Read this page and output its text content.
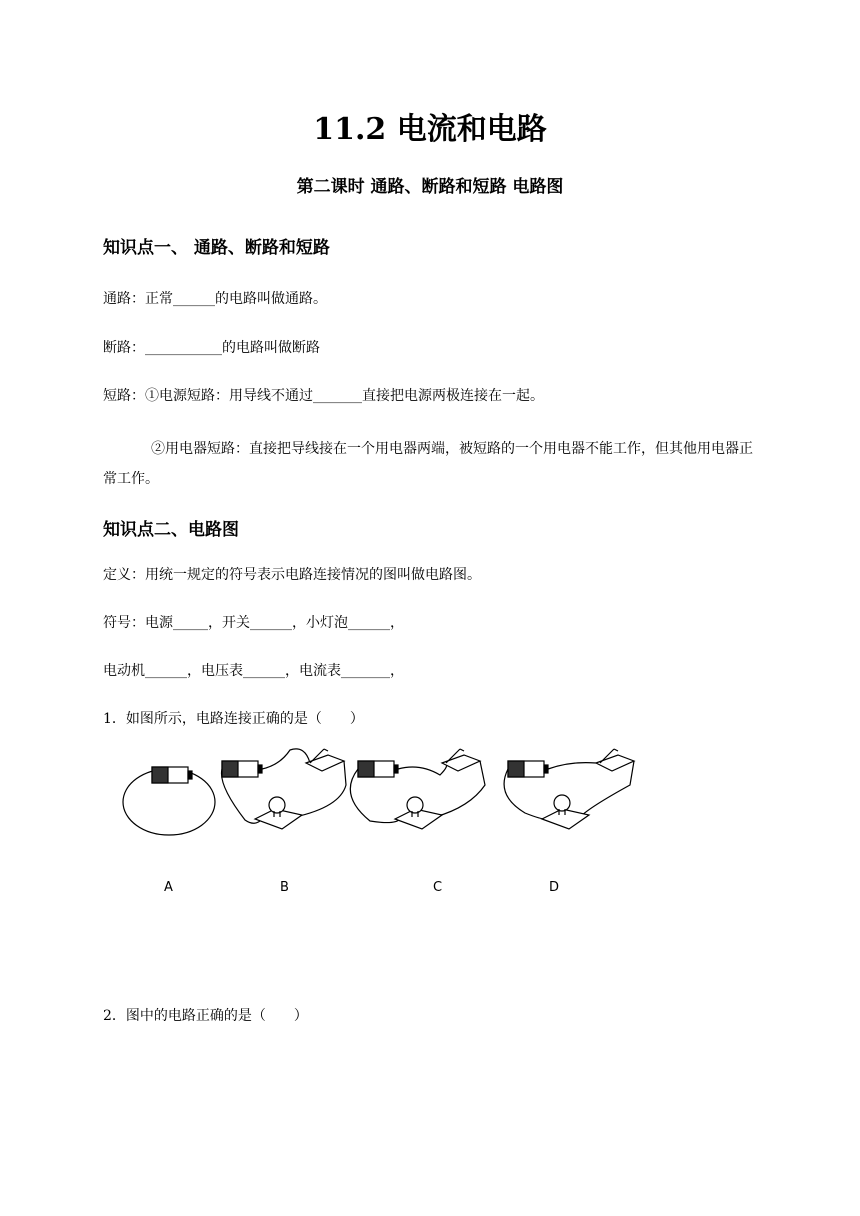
11.2 电流和电路
第二课时 通路、断路和短路 电路图
知识点一、 通路、断路和短路
通路：正常______的电路叫做通路。
断路：___________的电路叫做断路
短路：①电源短路：用导线不通过_______直接把电源两极连接在一起。
②用电器短路：直接把导线接在一个用电器两端，被短路的一个用电器不能工作，但其他用电器正常工作。
知识点二、电路图
定义：用统一规定的符号表示电路连接情况的图叫做电路图。
符号：电源_____，开关______，小灯泡______，
电动机______，电压表______，电流表_______，
1．如图所示，电路连接正确的是（　　）
A	B	C	D
2．图中的电路正确的是（　　）
